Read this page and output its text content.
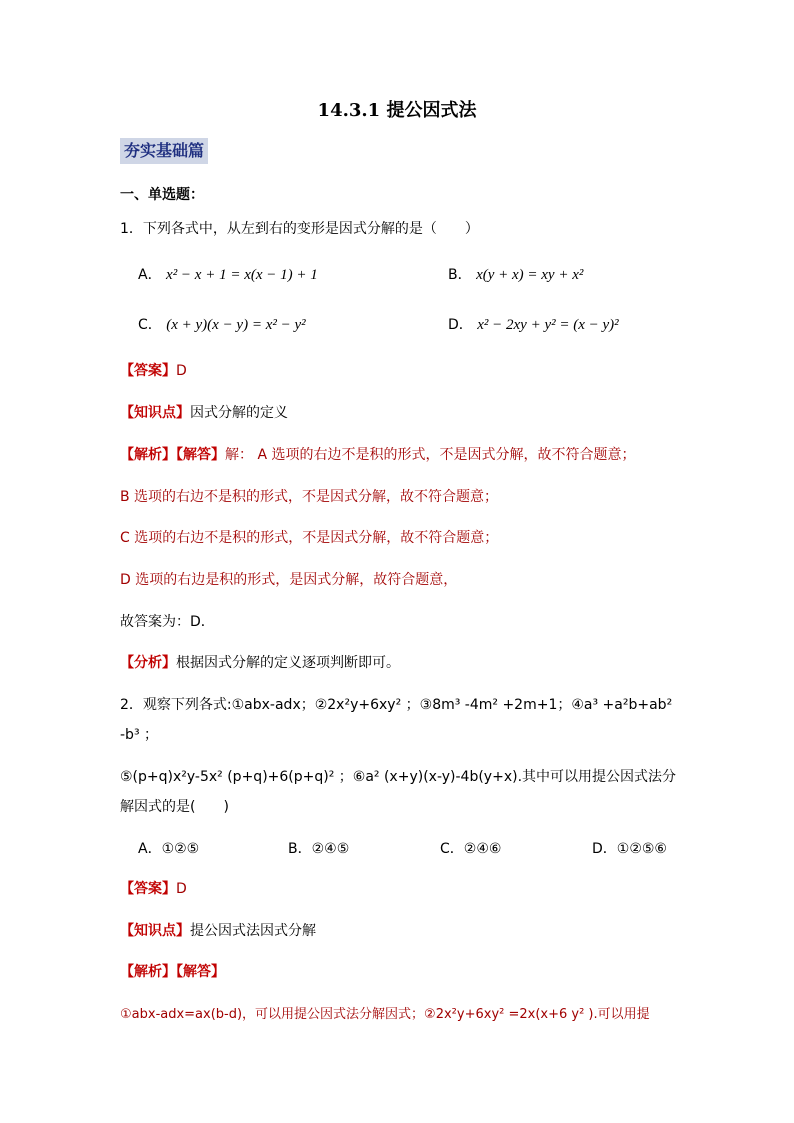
14.3.1 提公因式法
夯实基础篇
一、单选题：
1．下列各式中，从左到右的变形是因式分解的是（　　）
A． x² − x + 1 = x(x − 1) + 1	B． x(y + x) = xy + x²
C． (x + y)(x − y) = x² − y²	D． x² − 2xy + y² = (x − y)²
【答案】D
【知识点】因式分解的定义
【解析】【解答】解： A 选项的右边不是积的形式，不是因式分解，故不符合题意；
B 选项的右边不是积的形式，不是因式分解，故不符合题意；
C 选项的右边不是积的形式，不是因式分解，故不符合题意；
D 选项的右边是积的形式，是因式分解，故符合题意，
故答案为：D．
【分析】根据因式分解的定义逐项判断即可。
2．观察下列各式:①abx-adx；②2x²y+6xy² ；③8m³ -4m² +2m+1；④a³ +a²b+ab²
-b³ ；
⑤(p+q)x²y-5x² (p+q)+6(p+q)² ；⑥a² (x+y)(x-y)-4b(y+x).其中可以用提公因式法分
解因式的是(　　)
A．①②⑤	B．②④⑤	C．②④⑥	D．①②⑤⑥
【答案】D
【知识点】提公因式法因式分解
【解析】【解答】
①abx-adx=ax(b-d)，可以用提公因式法分解因式；②2x²y+6xy² =2x(x+6 y² ).可以用提
